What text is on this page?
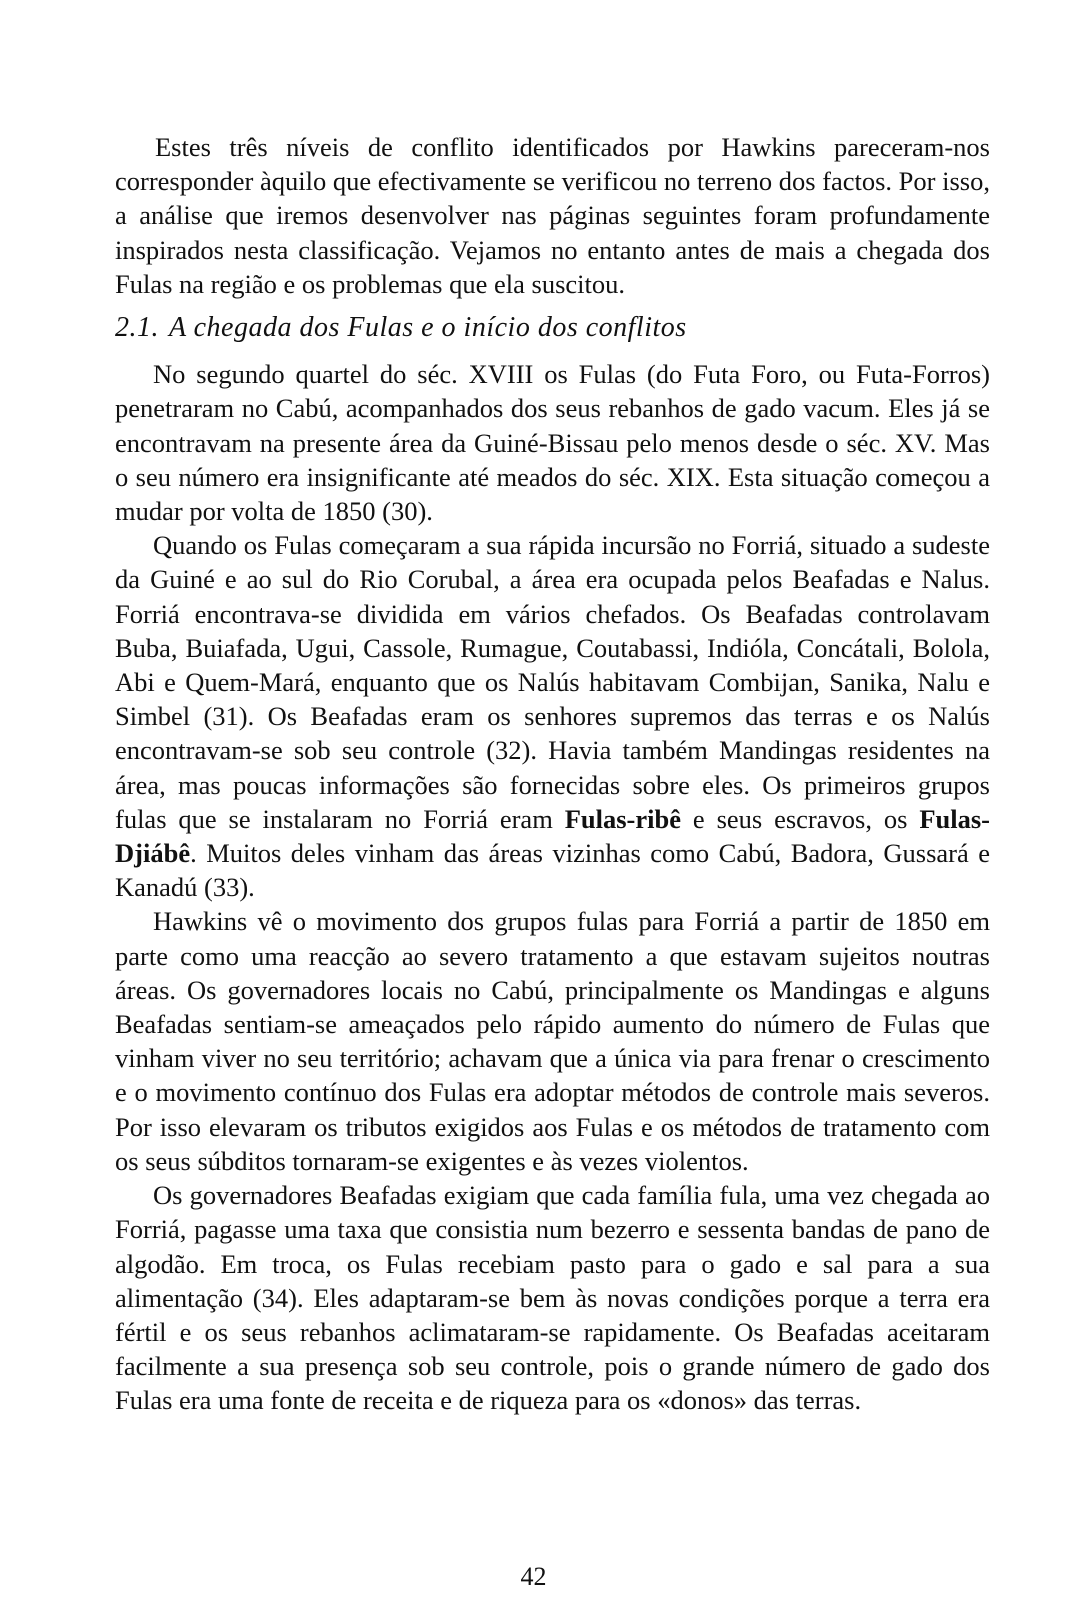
Estes três níveis de conflito identificados por Hawkins pareceram-nos corresponder àquilo que efectivamente se verificou no terreno dos factos. Por isso, a análise que iremos desenvolver nas páginas seguintes foram profundamente inspirados nesta classificação. Vejamos no entanto antes de mais a chegada dos Fulas na região e os problemas que ela suscitou.

2.1. A chegada dos Fulas e o início dos conflitos

No segundo quartel do séc. XVIII os Fulas (do Futa Foro, ou Futa-Forros) penetraram no Cabú, acompanhados dos seus rebanhos de gado vacum. Eles já se encontravam na presente área da Guiné-Bissau pelo menos desde o séc. XV. Mas o seu número era insignificante até meados do séc. XIX. Esta situação começou a mudar por volta de 1850 (30).

Quando os Fulas começaram a sua rápida incursão no Forriá, situado a sudeste da Guiné e ao sul do Rio Corubal, a área era ocupada pelos Beafadas e Nalus. Forriá encontrava-se dividida em vários chefados. Os Beafadas controlavam Buba, Buiafada, Ugui, Cassole, Rumague, Coutabassi, Indióla, Concátali, Bolola, Abi e Quem-Mará, enquanto que os Nalús habitavam Combijan, Sanika, Nalu e Simbel (31). Os Beafadas eram os senhores supremos das terras e os Nalús encontravam-se sob seu controle (32). Havia também Mandingas residentes na área, mas poucas informações são fornecidas sobre eles. Os primeiros grupos fulas que se instalaram no Forriá eram Fulas-ribê e seus escravos, os Fulas-Djiábê. Muitos deles vinham das áreas vizinhas como Cabú, Badora, Gussará e Kanadú (33).

Hawkins vê o movimento dos grupos fulas para Forriá a partir de 1850 em parte como uma reacção ao severo tratamento a que estavam sujeitos noutras áreas. Os governadores locais no Cabú, principalmente os Mandingas e alguns Beafadas sentiam-se ameaçados pelo rápido aumento do número de Fulas que vinham viver no seu território; achavam que a única via para frenar o crescimento e o movimento contínuo dos Fulas era adoptar métodos de controle mais severos. Por isso elevaram os tributos exigidos aos Fulas e os métodos de tratamento com os seus súbditos tornaram-se exigentes e às vezes violentos.

Os governadores Beafadas exigiam que cada família fula, uma vez chegada ao Forriá, pagasse uma taxa que consistia num bezerro e sessenta bandas de pano de algodão. Em troca, os Fulas recebiam pasto para o gado e sal para a sua alimentação (34). Eles adaptaram-se bem às novas condições porque a terra era fértil e os seus rebanhos aclimataram-se rapidamente. Os Beafadas aceitaram facilmente a sua presença sob seu controle, pois o grande número de gado dos Fulas era uma fonte de receita e de riqueza para os «donos» das terras.

42
